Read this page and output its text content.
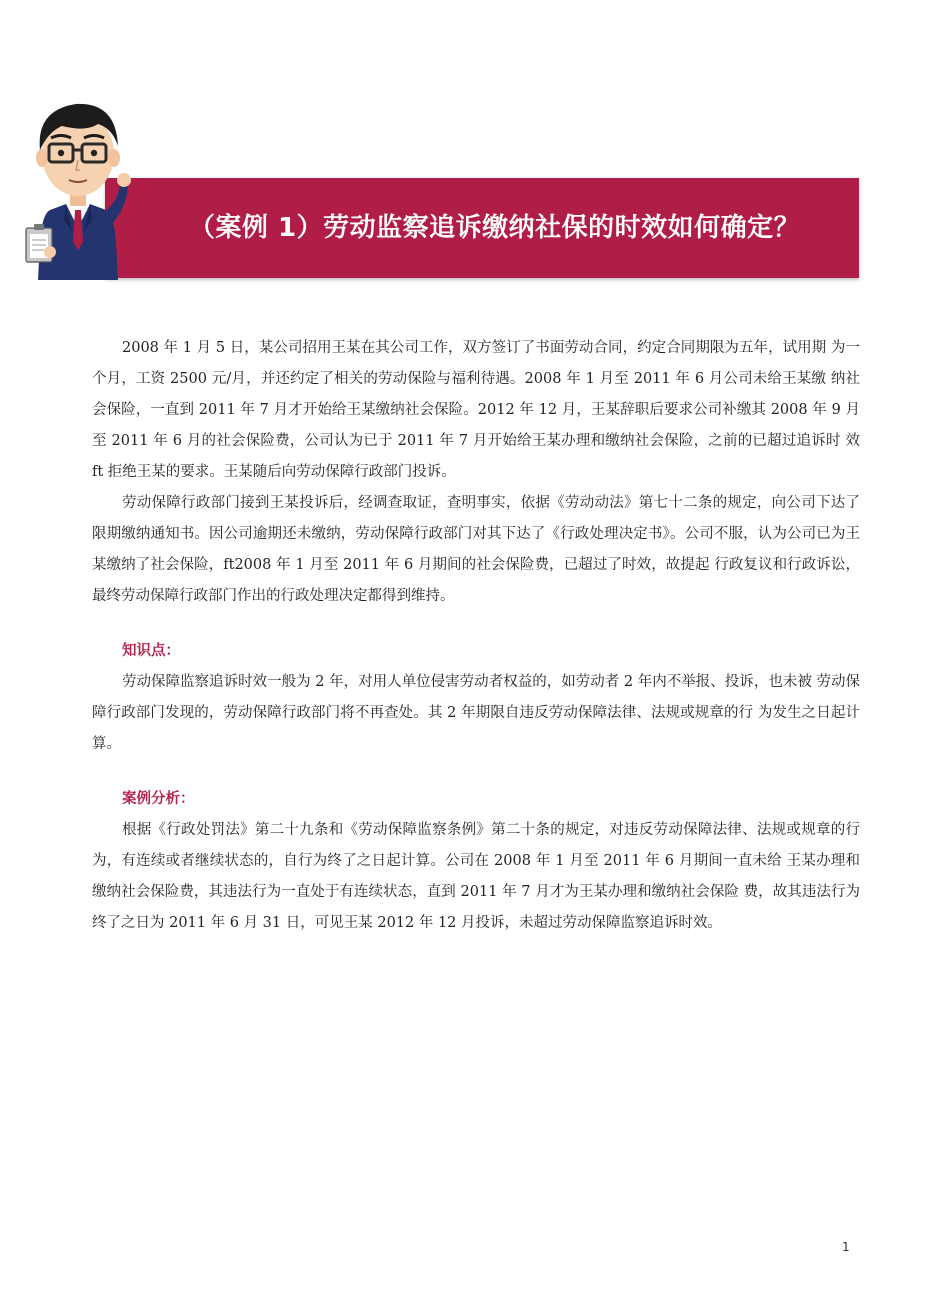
（案例 1）劳动监察追诉缴纳社保的时效如何确定？

2008 年 1 月 5 日，某公司招用王某在其公司工作，双方签订了书面劳动合同，约定合同期限为五年，试用期 为一个月，工资 2500 元/月，并还约定了相关的劳动保险与福利待遇。2008 年 1 月至 2011 年 6 月公司未给王某缴 纳社会保险，一直到 2011 年 7 月才开始给王某缴纳社会保险。2012 年 12 月，王某辞职后要求公司补缴其 2008 年 9 月至 2011 年 6 月的社会保险费，公司认为已于 2011 年 7 月开始给王某办理和缴纳社会保险，之前的已超过追诉时 效 ft 拒绝王某的要求。王某随后向劳动保障行政部门投诉。

劳动保障行政部门接到王某投诉后，经调查取证，查明事实，依据《劳动动法》第七十二条的规定，向公司下达了限期缴纳通知书。因公司逾期还未缴纳，劳动保障行政部门对其下达了《行政处理决定书》。公司不服，认为公司已为王某缴纳了社会保险，ft2008 年 1 月至 2011 年 6 月期间的社会保险费，已超过了时效，故提起 行政复议和行政诉讼，最终劳动保障行政部门作出的行政处理决定都得到维持。

知识点：

劳动保障监察追诉时效一般为 2 年，对用人单位侵害劳动者权益的，如劳动者 2 年内不举报、投诉，也未被 劳动保障行政部门发现的，劳动保障行政部门将不再查处。其 2 年期限自违反劳动保障法律、法规或规章的行 为发生之日起计算。

案例分析：

根据《行政处罚法》第二十九条和《劳动保障监察条例》第二十条的规定，对违反劳动保障法律、法规或规章的行为，有连续或者继续状态的，自行为终了之日起计算。公司在 2008 年 1 月至 2011 年 6 月期间一直未给 王某办理和缴纳社会保险费，其违法行为一直处于有连续状态，直到 2011 年 7 月才为王某办理和缴纳社会保险 费，故其违法行为终了之日为 2011 年 6 月 31 日，可见王某 2012 年 12 月投诉，未超过劳动保障监察追诉时效。

1
